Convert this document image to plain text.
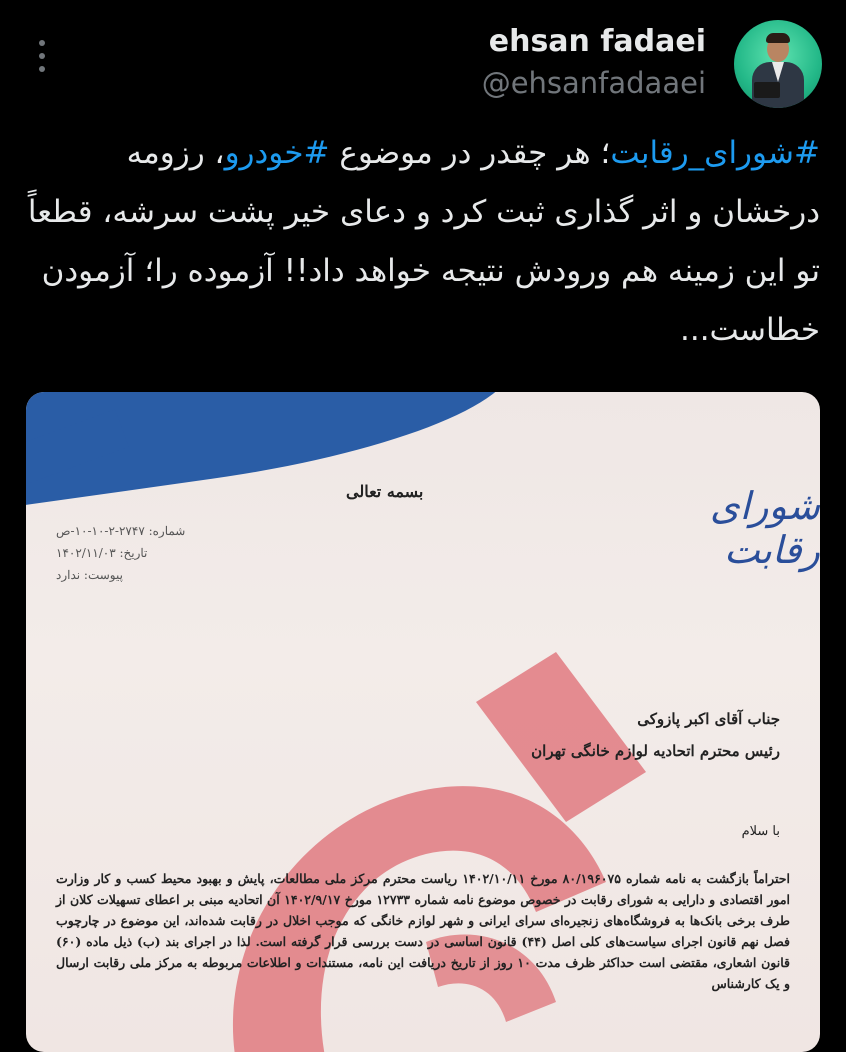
ehsan fadaei
@ehsanfadaaei
#شورای_رقابت؛ هر چقدر در موضوع #خودرو، رزومه درخشان و اثر گذاری ثبت کرد و دعای خیر پشت سرشه، قطعاً تو این زمینه هم ورودش نتیجه خواهد داد!! آزموده را؛ آزمودن خطاست...
بسمه تعالی	شورای رقابت
شماره: ۲۷۴۷-۲-۱۰-۱۰-ص
تاریخ: ۱۴۰۲/۱۱/۰۳
پیوست: ندارد
جناب آقای اکبر پازوکی
رئیس محترم اتحادیه لوازم خانگی تهران
با سلام
احتراماً بازگشت به نامه شماره ۸۰/۱۹۶۰۷۵ مورخ ۱۴۰۲/۱۰/۱۱ ریاست محترم مرکز ملی مطالعات، پایش و بهبود محیط کسب و کار وزارت امور اقتصادی و دارایی به شورای رقابت در خصوص موضوع نامه شماره ۱۲۷۳۳ مورخ ۱۴۰۲/۹/۱۷ آن اتحادیه مبنی بر اعطای تسهیلات کلان از طرف برخی بانک‌ها به فروشگاه‌های زنجیره‌ای سرای ایرانی و شهر لوازم خانگی که موجب اخلال در رقابت شده‌اند، این موضوع در چارچوب فصل نهم قانون اجرای سیاست‌های کلی اصل (۴۴) قانون اساسی در دست بررسی قرار گرفته است. لذا در اجرای بند (ب) ذیل ماده (۶۰) قانون اشعاری، مقتضی است حداکثر ظرف مدت ۱۰ روز از تاریخ دریافت این نامه، مستندات و اطلاعات مربوطه به مرکز ملی رقابت ارسال و یک کارشناس
